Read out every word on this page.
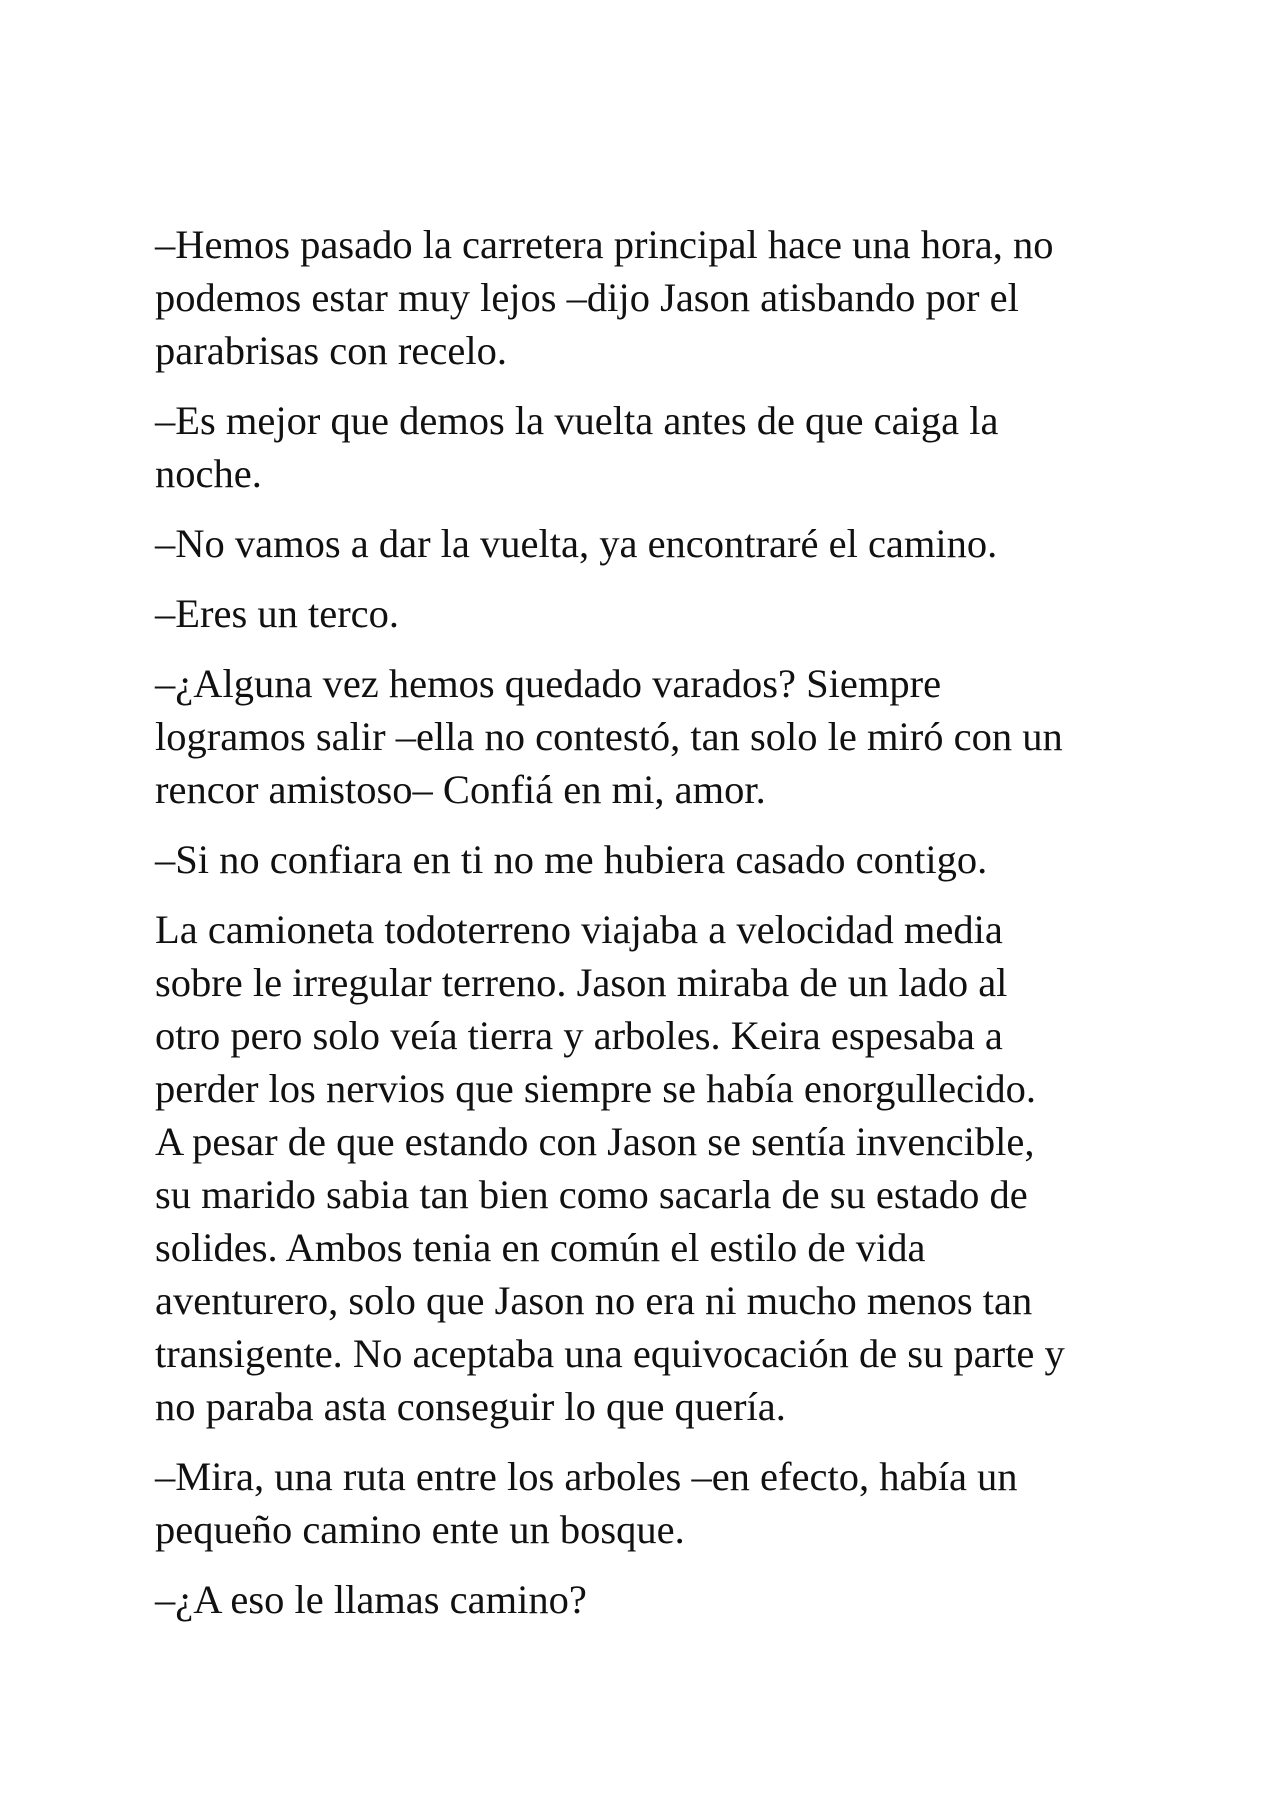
–Hemos pasado la carretera principal hace una hora, no
podemos estar muy lejos –dijo Jason atisbando por el
parabrisas con recelo.

–Es mejor que demos la vuelta antes de que caiga la
noche.

–No vamos a dar la vuelta, ya encontraré el camino.

–Eres un terco.

–¿Alguna vez hemos quedado varados? Siempre
logramos salir –ella no contestó, tan solo le miró con un
rencor amistoso– Confiá en mi, amor.

–Si no confiara en ti no me hubiera casado contigo.

La camioneta todoterreno viajaba a velocidad media
sobre le irregular terreno. Jason miraba de un lado al
otro pero solo veía tierra y arboles. Keira espesaba a
perder los nervios que siempre se había enorgullecido.
A pesar de que estando con Jason se sentía invencible,
su marido sabia tan bien como sacarla de su estado de
solides. Ambos tenia en común el estilo de vida
aventurero, solo que Jason no era ni mucho menos tan
transigente. No aceptaba una equivocación de su parte y
no paraba asta conseguir lo que quería.

–Mira, una ruta entre los arboles –en efecto, había un
pequeño camino ente un bosque.

–¿A eso le llamas camino?
